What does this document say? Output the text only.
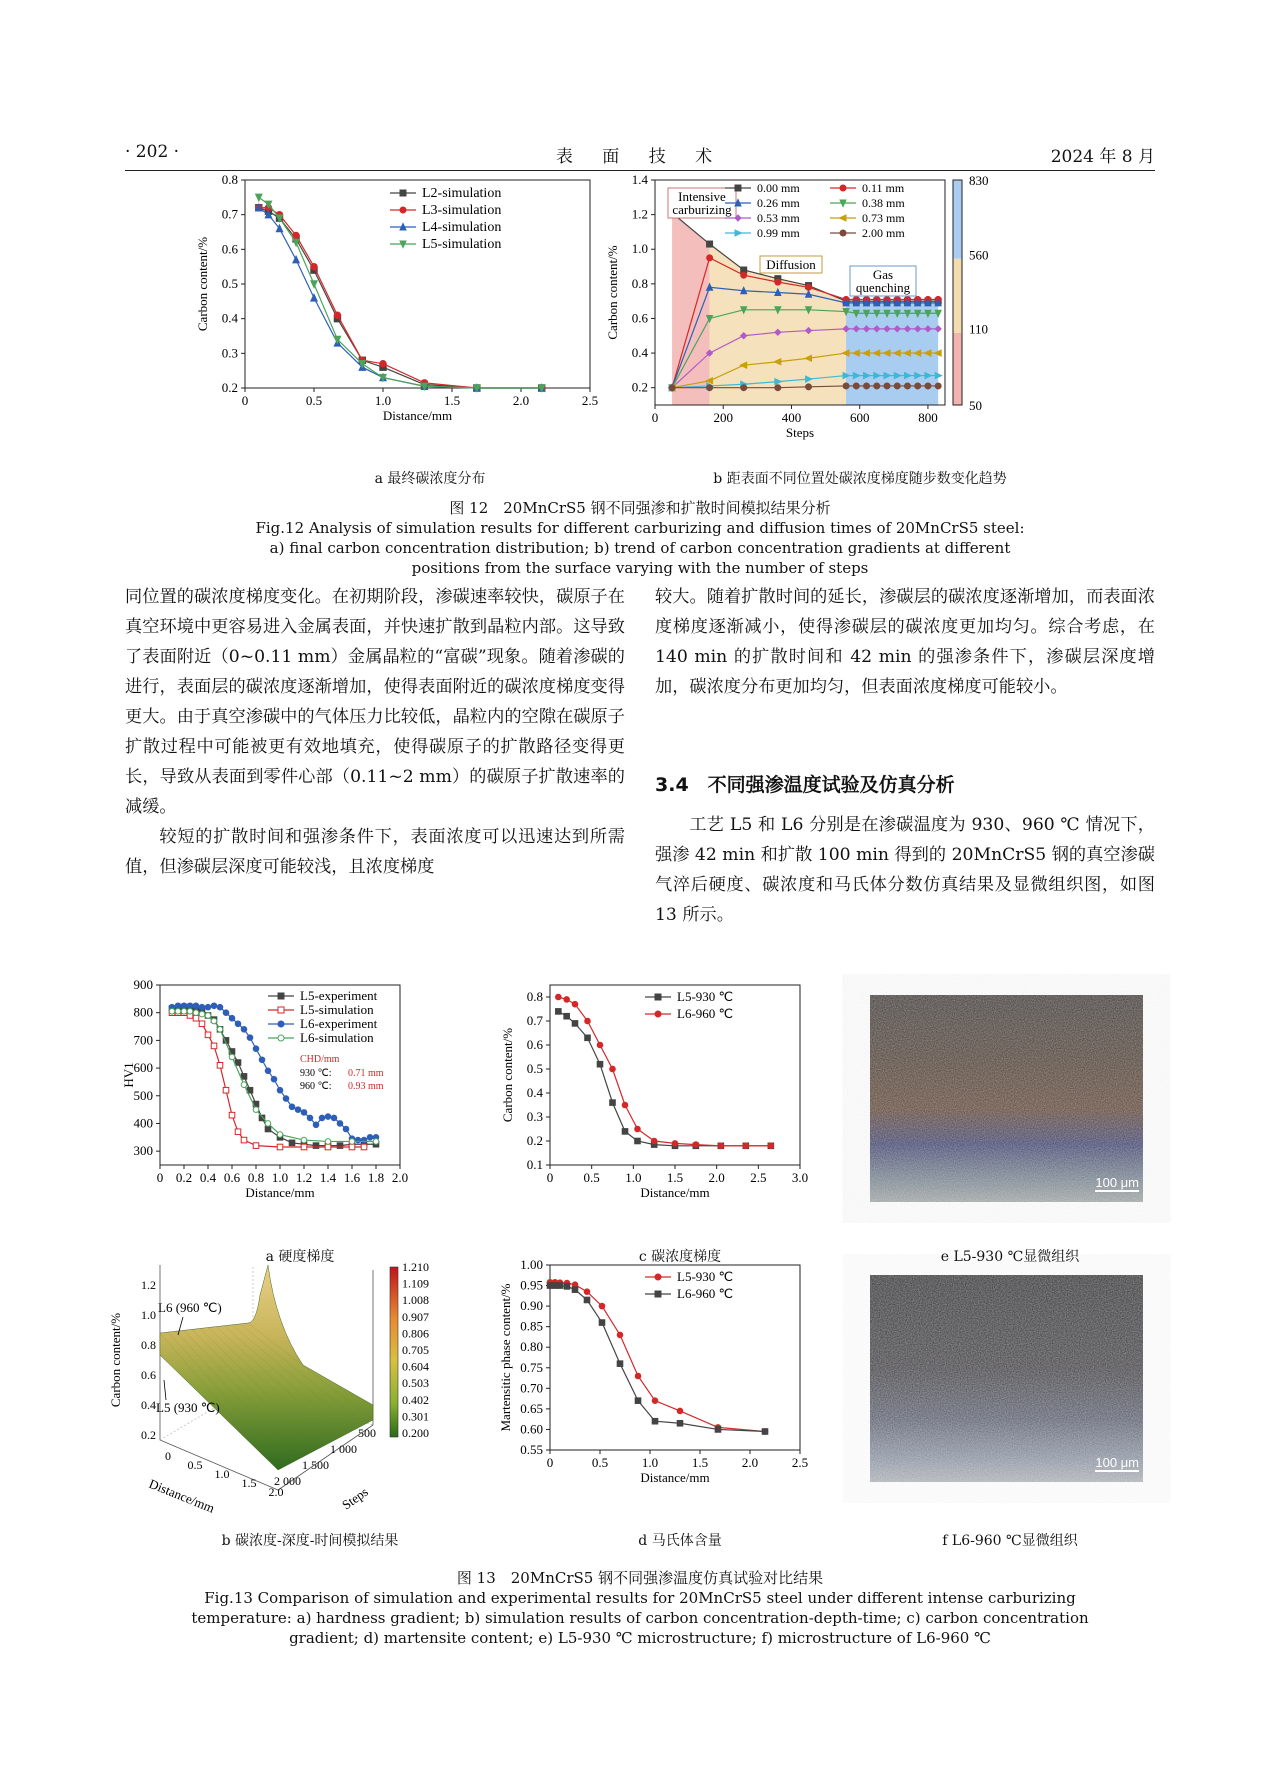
· 202 ·	表 面 技 术	2024 年 8 月
0	0.5	1.0	1.5	2.0	2.5
0.2
0.3
0.4
0.5
0.6
0.7
0.8
Distance/mm
Carbon content/%
L2-simulation
L3-simulation
L4-simulation
L5-simulation
0	200	400	600	800
0.2
0.4
0.6
0.8
1.0
1.2
1.4
Steps
Carbon content/%
Intensive
carburizing
Diffusion
Gas
quenching
0.00 mm
0.26 mm
0.53 mm
0.99 mm
0.11 mm
0.38 mm
0.73 mm
2.00 mm
830
560
110
50
a 最终碳浓度分布	b 距表面不同位置处碳浓度梯度随步数变化趋势
图 12　20MnCrS5 钢不同强渗和扩散时间模拟结果分析
Fig.12 Analysis of simulation results for different carburizing and diffusion times of 20MnCrS5 steel:
a) final carbon concentration distribution; b) trend of carbon concentration gradients at different
positions from the surface varying with the number of steps

同位置的碳浓度梯度变化。在初期阶段，渗碳速率较快，碳原子在真空环境中更容易进入金属表面，并快速扩散到晶粒内部。这导致了表面附近（0~0.11 mm）金属晶粒的“富碳”现象。随着渗碳的进行，表面层的碳浓度逐渐增加，使得表面附近的碳浓度梯度变得更大。由于真空渗碳中的气体压力比较低，晶粒内的空隙在碳原子扩散过程中可能被更有效地填充，使得碳原子的扩散路径变得更长，导致从表面到零件心部（0.11~2 mm）的碳原子扩散速率的减缓。

较短的扩散时间和强渗条件下，表面浓度可以迅速达到所需值，但渗碳层深度可能较浅，且浓度梯度

较大。随着扩散时间的延长，渗碳层的碳浓度逐渐增加，而表面浓度梯度逐渐减小，使得渗碳层的碳浓度更加均匀。综合考虑，在 140 min 的扩散时间和 42 min 的强渗条件下，渗碳层深度增加，碳浓度分布更加均匀，但表面浓度梯度可能较小。

3.4　不同强渗温度试验及仿真分析

工艺 L5 和 L6 分别是在渗碳温度为 930、960 ℃ 情况下，强渗 42 min 和扩散 100 min 得到的 20MnCrS5 钢的真空渗碳气淬后硬度、碳浓度和马氏体分数仿真结果及显微组织图，如图 13 所示。

0 0.2 0.4 0.6 0.8 1.0 1.2 1.4 1.6 1.8 2.0
300
400
500
600
700
800
900
Distance/mm
HV1
L5-experiment
L5-simulation
L6-experiment
L6-simulation
CHD/mm
930 ℃: 0.71 mm
960 ℃: 0.93 mm
0 0.5 1.0 1.5 2.0 2.5 3.0
0.1
0.2
0.3
0.4
0.5
0.6
0.7
0.8
Distance/mm
Carbon content/%
L5-930 ℃
L6-960 ℃
0.2
0.4
0.6
0.8
1.0
1.2
Carbon content/%
0
0.5
1.0
1.5
2.0
Distance/mm
500
1 000
1 500
2 000
Steps
L6 (960 ℃)
L5 (930 ℃)
1.210
1.109
1.008
0.907
0.806
0.705
0.604
0.503
0.402
0.301
0.200
0	0.5	1.0	1.5	2.0	2.5
0.55
0.60
0.65
0.70
0.75
0.80
0.85
0.90
0.95
1.00
Distance/mm
Martensitic phase content/%
L5-930 ℃
L6-960 ℃
100 μm
100 μm
a 硬度梯度	c 碳浓度梯度	e L5-930 ℃显微组织
b 碳浓度-深度-时间模拟结果	d 马氏体含量	f L6-960 ℃显微组织
图 13　20MnCrS5 钢不同强渗温度仿真试验对比结果
Fig.13 Comparison of simulation and experimental results for 20MnCrS5 steel under different intense carburizing
temperature: a) hardness gradient; b) simulation results of carbon concentration-depth-time; c) carbon concentration
gradient; d) martensite content; e) L5-930 ℃ microstructure; f) microstructure of L6-960 ℃
